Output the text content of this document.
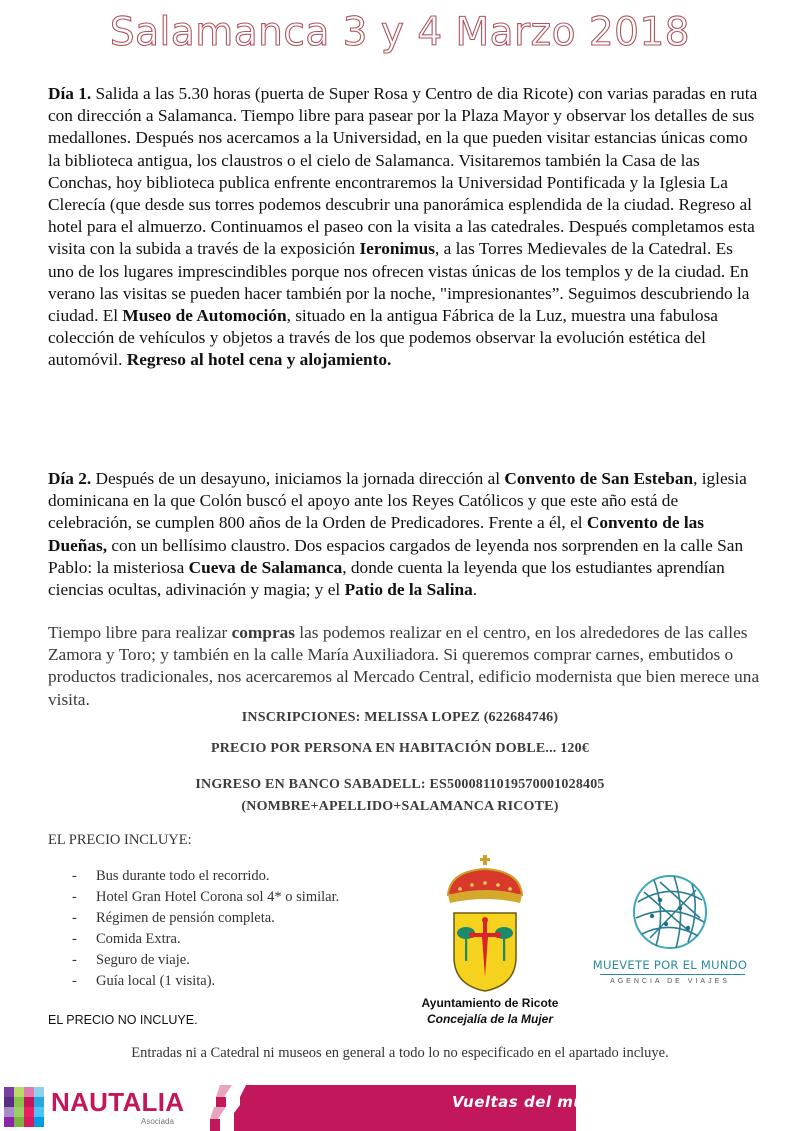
Salamanca 3 y 4 Marzo 2018
Día 1. Salida a las 5.30 horas (puerta de Super Rosa y Centro de dia Ricote) con varias paradas en ruta con dirección a Salamanca. Tiempo libre para pasear por la Plaza Mayor y observar los detalles de sus medallones. Después nos acercamos a la Universidad, en la que pueden visitar estancias únicas como la biblioteca antigua, los claustros o el cielo de Salamanca. Visitaremos también la Casa de las Conchas, hoy biblioteca publica enfrente encontraremos la Universidad Pontificada y la Iglesia La Clerecía (que desde sus torres podemos descubrir una panorámica esplendida de la ciudad. Regreso al hotel para el almuerzo. Continuamos el paseo con la visita a las catedrales. Después completamos esta visita con la subida a través de la exposición Ieronimus, a las Torres Medievales de la Catedral. Es uno de los lugares imprescindibles porque nos ofrecen vistas únicas de los templos y de la ciudad. En verano las visitas se pueden hacer también por la noche, "impresionantes”. Seguimos descubriendo la ciudad. El Museo de Automoción, situado en la antigua Fábrica de la Luz, muestra una fabulosa colección de vehículos y objetos a través de los que podemos observar la evolución estética del automóvil. Regreso al hotel cena y alojamiento.
Día 2. Después de un desayuno, iniciamos la jornada dirección al Convento de San Esteban, iglesia dominicana en la que Colón buscó el apoyo ante los Reyes Católicos y que este año está de celebración, se cumplen 800 años de la Orden de Predicadores. Frente a él, el Convento de las Dueñas, con un bellísimo claustro. Dos espacios cargados de leyenda nos sorprenden en la calle San Pablo: la misteriosa Cueva de Salamanca, donde cuenta la leyenda que los estudiantes aprendían ciencias ocultas, adivinación y magia; y el Patio de la Salina.
Tiempo libre para realizar compras las podemos realizar en el centro, en los alrededores de las calles Zamora y Toro; y también en la calle María Auxiliadora. Si queremos comprar carnes, embutidos o productos tradicionales, nos acercaremos al Mercado Central, edificio modernista que bien merece una visita.
INSCRIPCIONES: MELISSA LOPEZ (622684746)
PRECIO POR PERSONA EN HABITACIÓN DOBLE... 120€
INGRESO EN BANCO SABADELL: ES5000811019570001028405
(NOMBRE+APELLIDO+SALAMANCA RICOTE)
EL PRECIO INCLUYE:
-	Bus durante todo el recorrido.
-	Hotel Gran Hotel Corona sol 4* o similar.
-	Régimen de pensión completa.
-	Comida Extra.
-	Seguro de viaje.
-	Guía local (1 visita).
EL PRECIO NO INCLUYE.
Entradas ni a Catedral ni museos en general a todo lo no especificado en el apartado incluye.
Ayuntamiento de Ricote
Concejalía de la Mujer
MUEVETE POR EL MUNDO
AGENCIA DE VIAJES
NAUTALIA
Asociada
Vueltas del mundo VIDA
